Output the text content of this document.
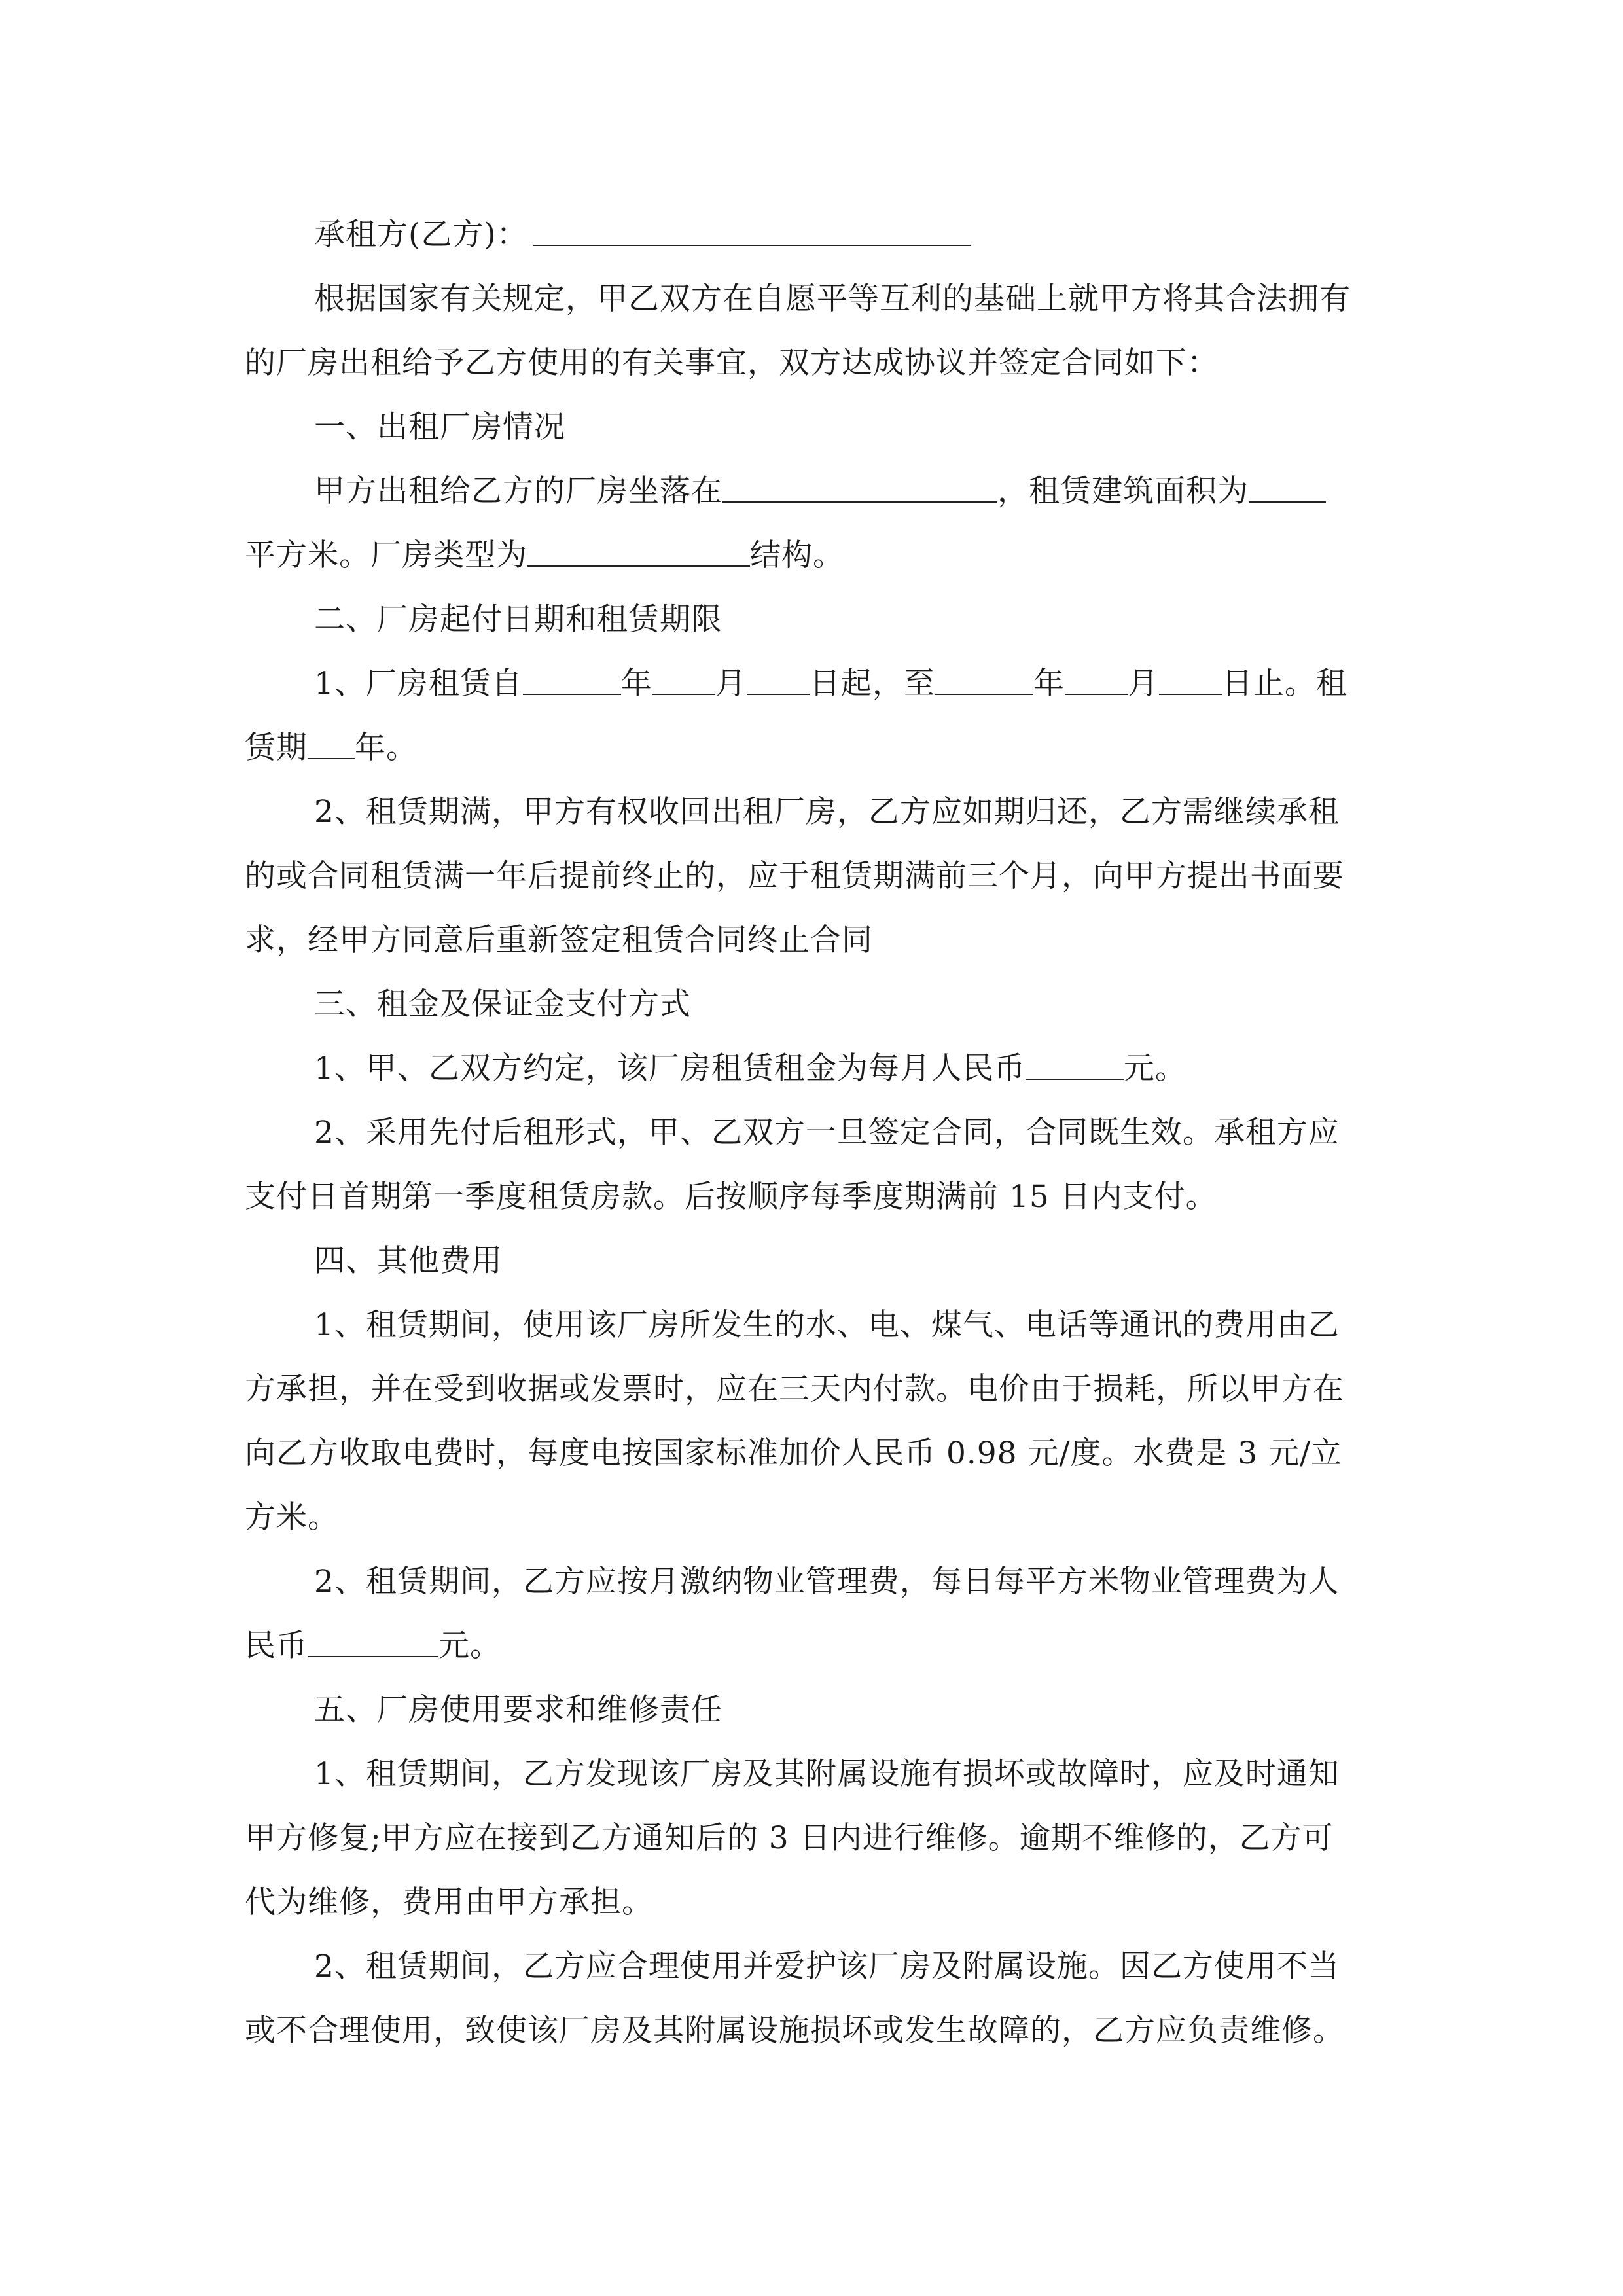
承租方(乙方)：
根据国家有关规定，甲乙双方在自愿平等互利的基础上就甲方将其合法拥有
的厂房出租给予乙方使用的有关事宜，双方达成协议并签定合同如下：
一、出租厂房情况
甲方出租给乙方的厂房坐落在	，租赁建筑面积为
平方米。厂房类型为	结构。
二、厂房起付日期和租赁期限
1、厂房租赁自	年 月 日起，至	年 月 日止。租
赁期 年。
2、租赁期满，甲方有权收回出租厂房，乙方应如期归还，乙方需继续承租
的或合同租赁满一年后提前终止的，应于租赁期满前三个月，向甲方提出书面要
求，经甲方同意后重新签定租赁合同终止合同
三、租金及保证金支付方式
1、甲、乙双方约定，该厂房租赁租金为每月人民币	元。
2、采用先付后租形式，甲、乙双方一旦签定合同，合同既生效。承租方应
支付日首期第一季度租赁房款。后按顺序每季度期满前 15 日内支付。
四、其他费用
1、租赁期间，使用该厂房所发生的水、电、煤气、电话等通讯的费用由乙
方承担，并在受到收据或发票时，应在三天内付款。电价由于损耗，所以甲方在
向乙方收取电费时，每度电按国家标准加价人民币 0.98 元/度。水费是 3 元/立
方米。
2、租赁期间，乙方应按月激纳物业管理费，每日每平方米物业管理费为人
民币	元。
五、厂房使用要求和维修责任
1、租赁期间，乙方发现该厂房及其附属设施有损坏或故障时，应及时通知
甲方修复;甲方应在接到乙方通知后的 3 日内进行维修。逾期不维修的，乙方可
代为维修，费用由甲方承担。
2、租赁期间，乙方应合理使用并爱护该厂房及附属设施。因乙方使用不当
或不合理使用，致使该厂房及其附属设施损坏或发生故障的，乙方应负责维修。
